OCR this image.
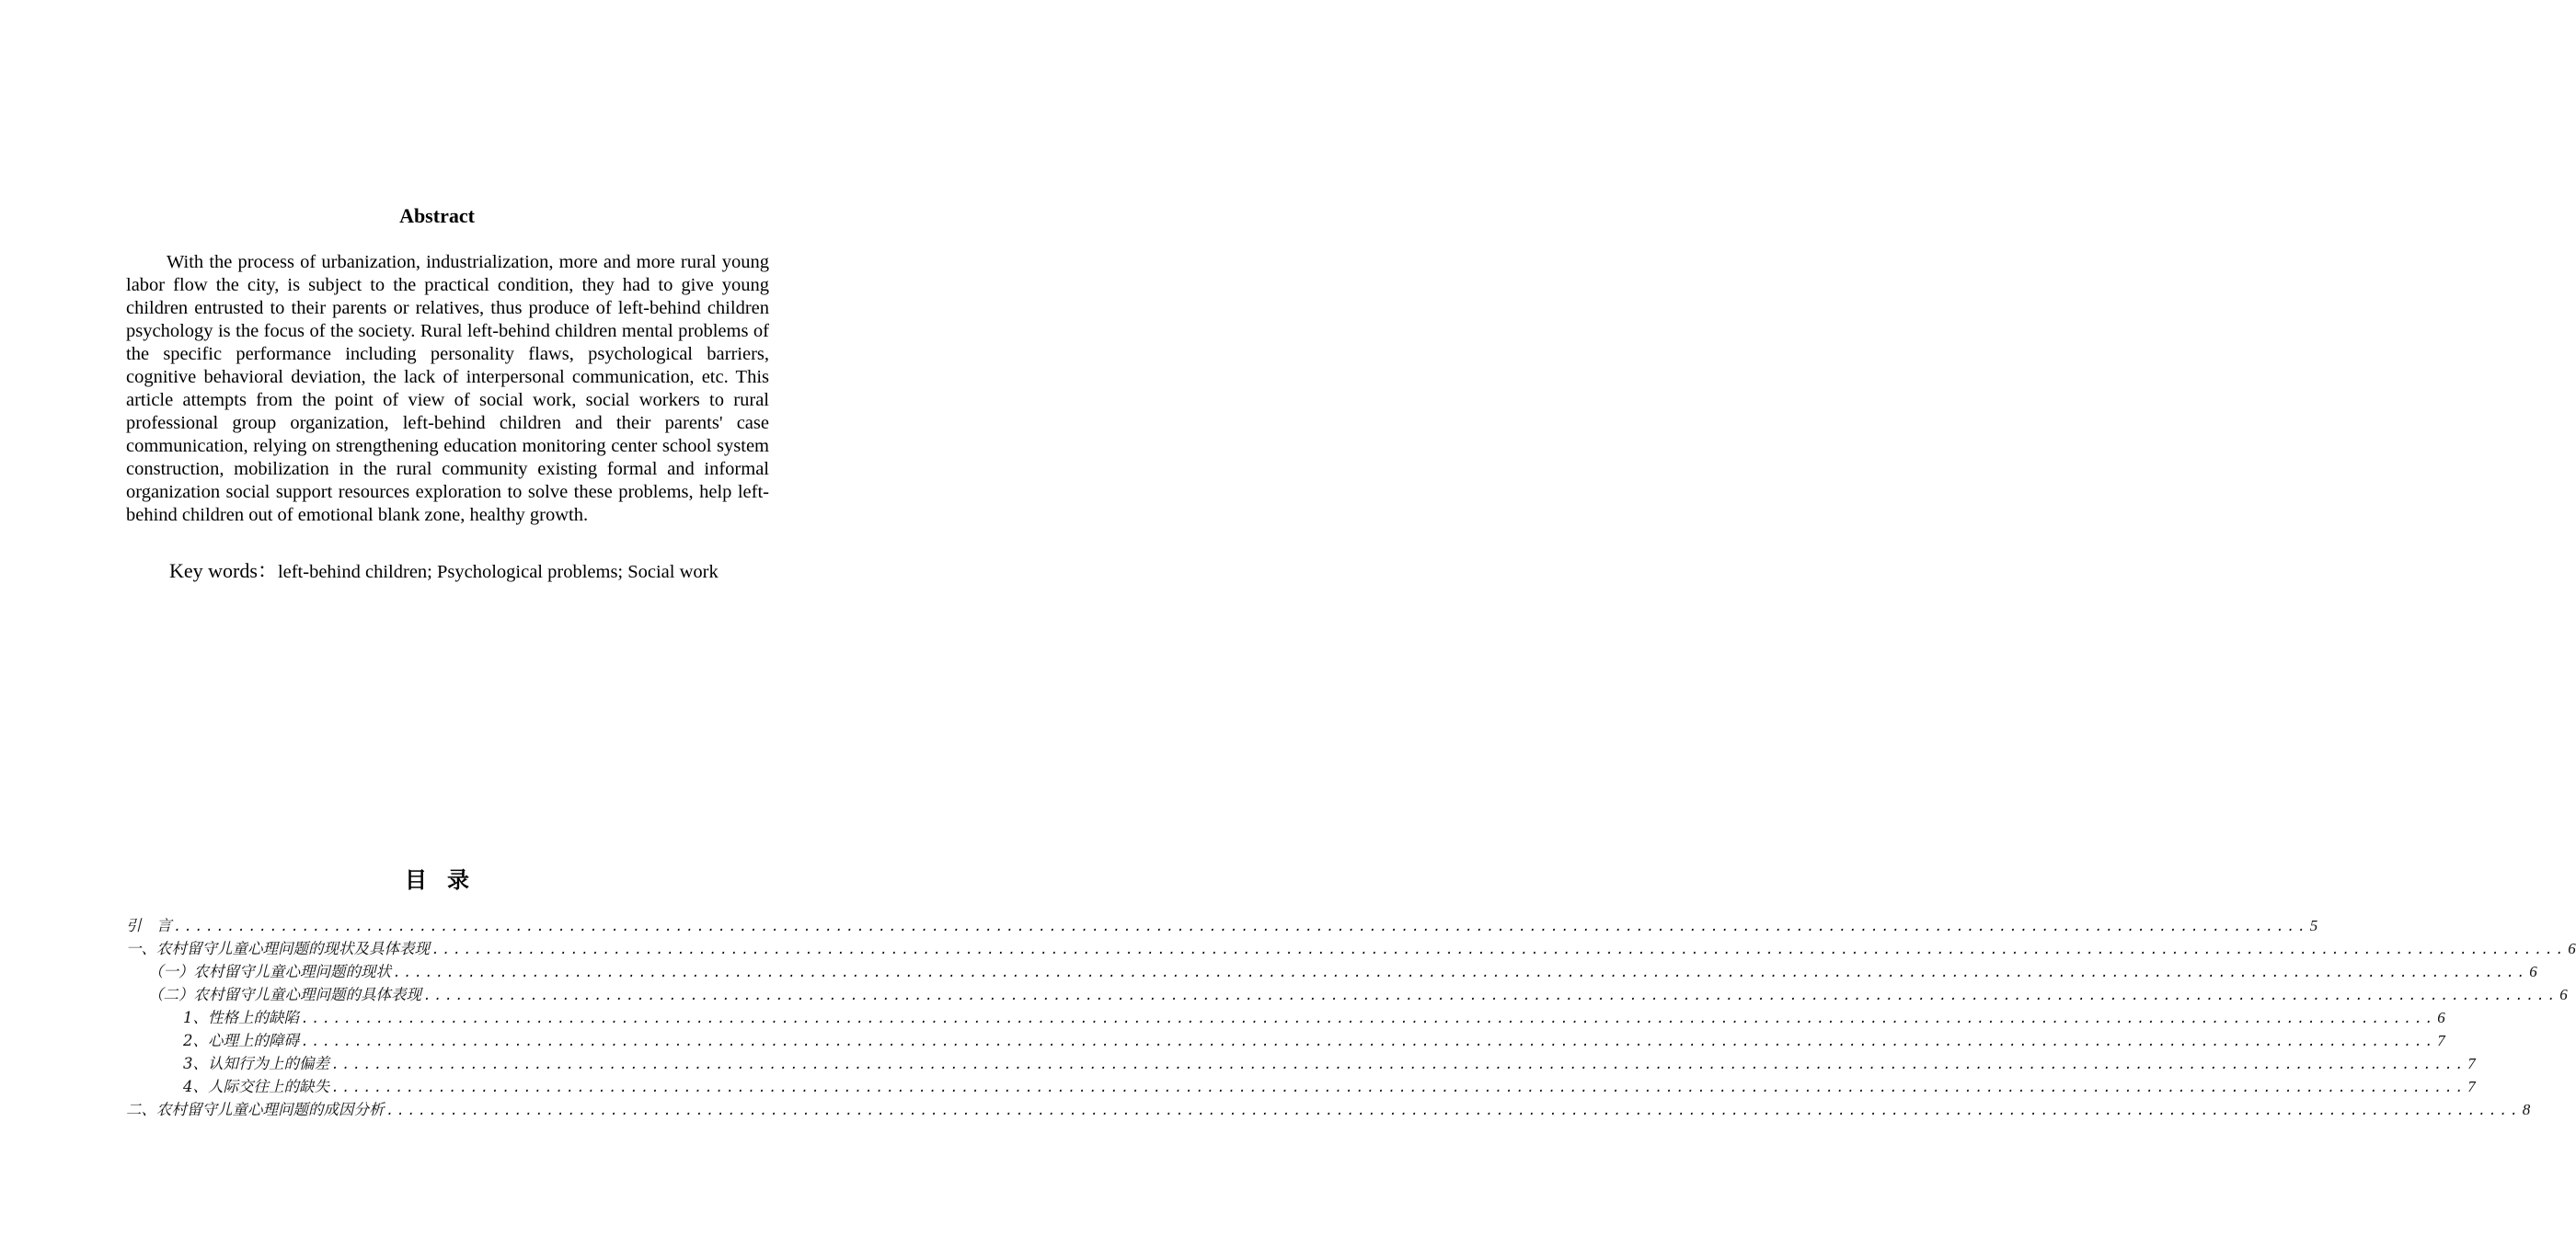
Abstract

With the process of urbanization, industrialization, more and more rural young labor flow the city, is subject to the practical condition, they had to give young children entrusted to their parents or relatives, thus produce of left-behind children psychology is the focus of the society. Rural left-behind children mental problems of the specific performance including personality flaws, psychological barriers, cognitive behavioral deviation, the lack of interpersonal communication, etc. This article attempts from the point of view of social work, social workers to rural professional group organization, left-behind children and their parents' case communication, relying on strengthening education monitoring center school system construction, mobilization in the rural community existing formal and informal organization social support resources exploration to solve these problems, help left-behind children out of emotional blank zone, healthy growth.

Key words：left-behind children; Psychological problems; Social work
目录
引　言 ........................................................................................................................................................................................................ 5
一、农村留守儿童心理问题的现状及具体表现 ........................................................................................................................................................................................................ 6
（一）农村留守儿童心理问题的现状 ........................................................................................................................................................................................................ 6
（二）农村留守儿童心理问题的具体表现 ........................................................................................................................................................................................................ 6
1、性格上的缺陷 ........................................................................................................................................................................................................ 6
2、心理上的障碍 ........................................................................................................................................................................................................ 7
3、认知行为上的偏差 ........................................................................................................................................................................................................ 7
4、人际交往上的缺失 ........................................................................................................................................................................................................ 7
二、农村留守儿童心理问题的成因分析 ........................................................................................................................................................................................................ 8
